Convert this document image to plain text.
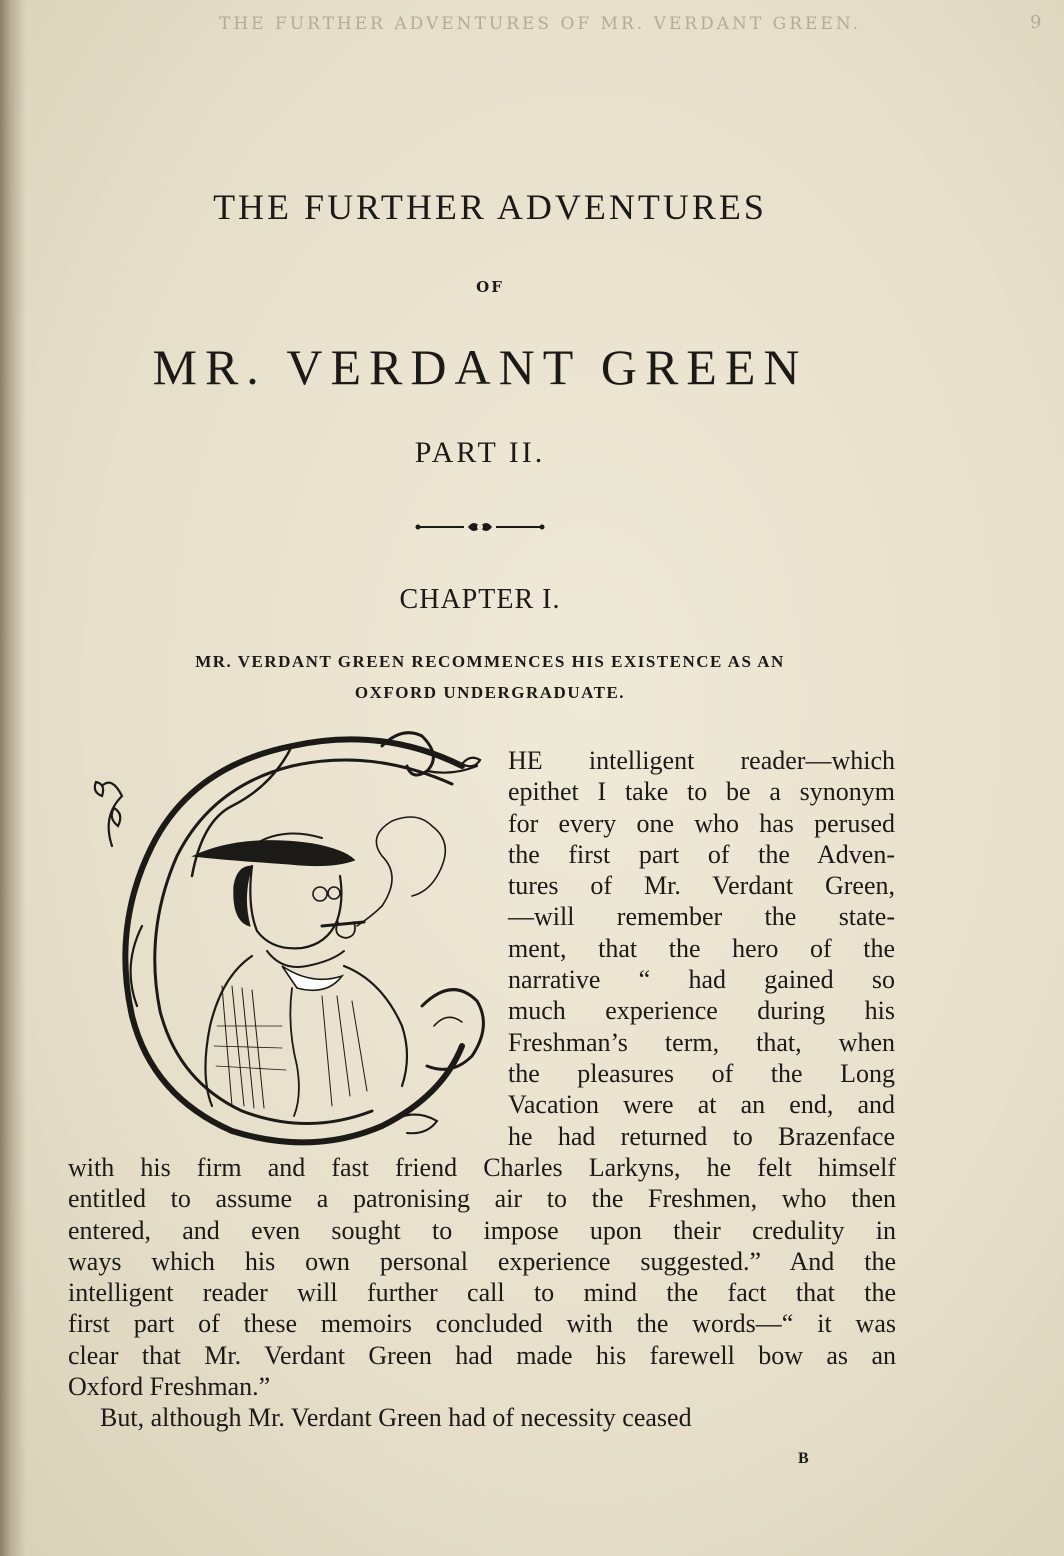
THE FURTHER ADVENTURES OF MR. VERDANT GREEN.	9
THE FURTHER ADVENTURES
OF
MR. VERDANT GREEN
PART II.
CHAPTER I.
MR. VERDANT GREEN RECOMMENCES HIS EXISTENCE AS AN
OXFORD UNDERGRADUATE.
HE intelligent reader—which
epithet I take to be a synonym
for every one who has perused
the first part of the Adven-
tures of Mr. Verdant Green,
—will remember the state-
ment, that the hero of the
narrative “ had gained so
much experience during his
Freshman’s term, that, when
the pleasures of the Long
Vacation were at an end, and
he had returned to Brazenface
with his firm and fast friend Charles Larkyns, he felt himself
entitled to assume a patronising air to the Freshmen, who then
entered, and even sought to impose upon their credulity in
ways which his own personal experience suggested.” And the
intelligent reader will further call to mind the fact that the
first part of these memoirs concluded with the words—“ it was
clear that Mr. Verdant Green had made his farewell bow as an
Oxford Freshman.”
But, although Mr. Verdant Green had of necessity ceased
B
